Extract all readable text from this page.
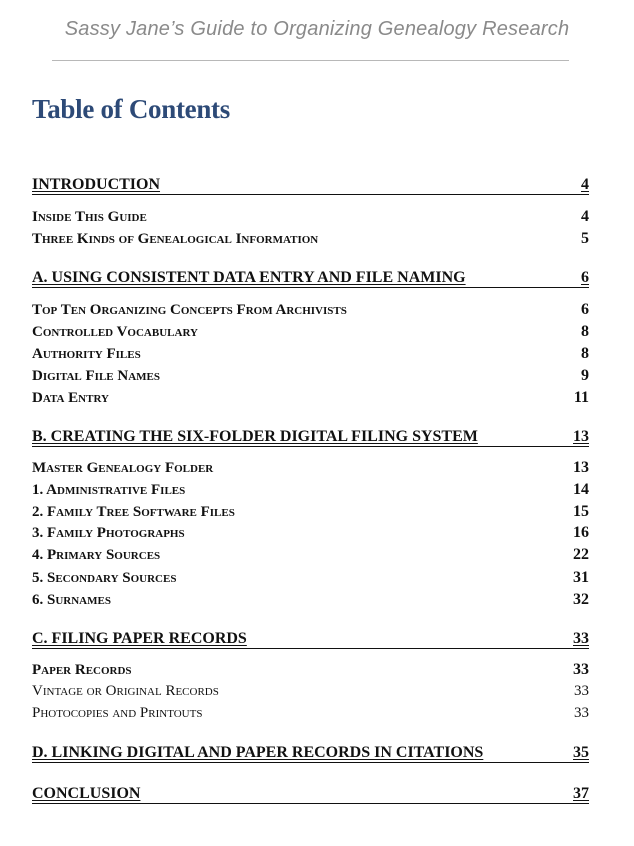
Sassy Jane’s Guide to Organizing Genealogy Research
Table of Contents
INTRODUCTION	4
Inside This Guide	4
Three Kinds of Genealogical Information	5
A. USING CONSISTENT DATA ENTRY AND FILE NAMING	6
Top Ten Organizing Concepts From Archivists	6
Controlled Vocabulary	8
Authority Files	8
Digital File Names	9
Data Entry	11
B. CREATING THE SIX-FOLDER DIGITAL FILING SYSTEM	13
Master Genealogy Folder	13
1. Administrative Files	14
2. Family Tree Software Files	15
3. Family Photographs	16
4. Primary Sources	22
5. Secondary Sources	31
6. Surnames	32
C. FILING PAPER RECORDS	33
Paper Records	33
Vintage or Original Records	33
Photocopies and Printouts	33
D. LINKING DIGITAL AND PAPER RECORDS IN CITATIONS	35
CONCLUSION	37
